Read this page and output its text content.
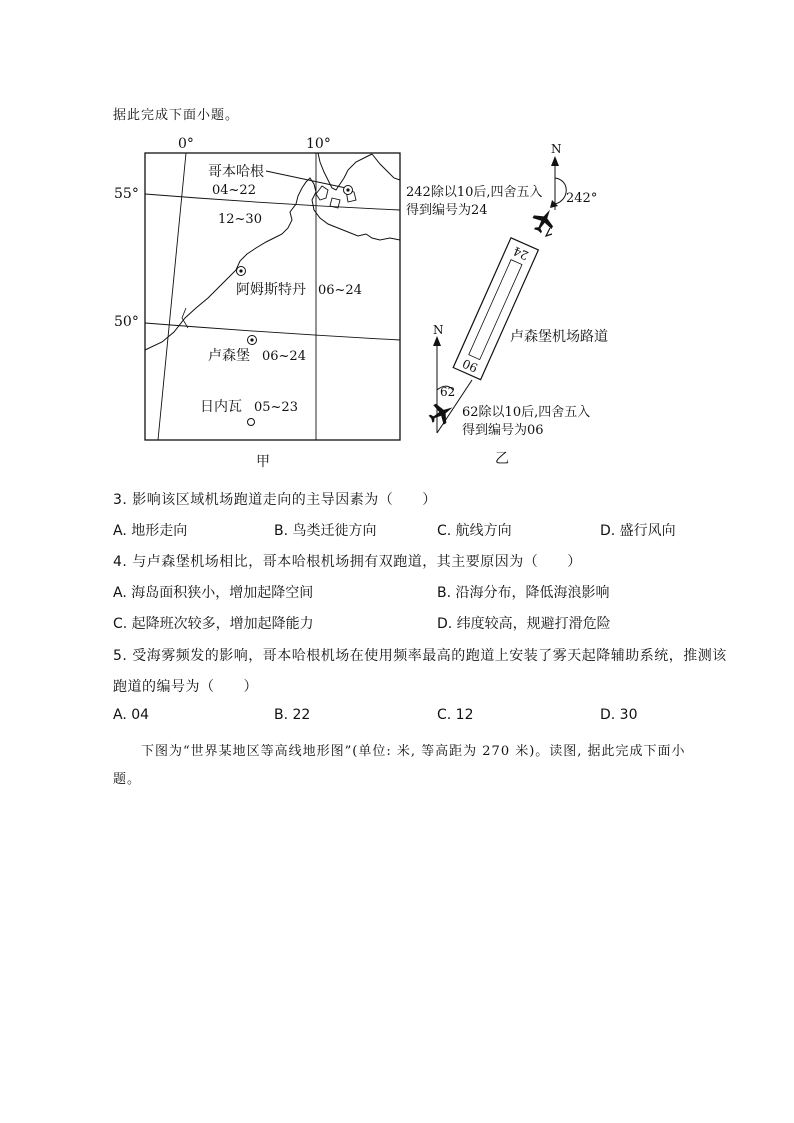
据此完成下面小题。
0°	10°
55°
50°
哥本哈根
04~22
12~30
阿姆斯特丹 06~24
卢森堡 06~24
日内瓦 05~23
甲
N
242°
242除以10后,四舍五入
得到编号为24
24
06
卢森堡机场路道
N
62
62除以10后,四舍五入
得到编号为06
乙
3. 影响该区域机场跑道走向的主导因素为（　　）
A. 地形走向	B. 鸟类迁徙方向	C. 航线方向	D. 盛行风向
4. 与卢森堡机场相比，哥本哈根机场拥有双跑道，其主要原因为（　　）
A. 海岛面积狭小，增加起降空间	B. 沿海分布，降低海浪影响
C. 起降班次较多，增加起降能力	D. 纬度较高，规避打滑危险
5. 受海雾频发的影响，哥本哈根机场在使用频率最高的跑道上安装了雾天起降辅助系统，推测该
跑道的编号为（　　）
A. 04	B. 22	C. 12	D. 30
下图为“世界某地区等高线地形图”(单位: 米, 等高距为 270 米)。读图, 据此完成下面小
题。
